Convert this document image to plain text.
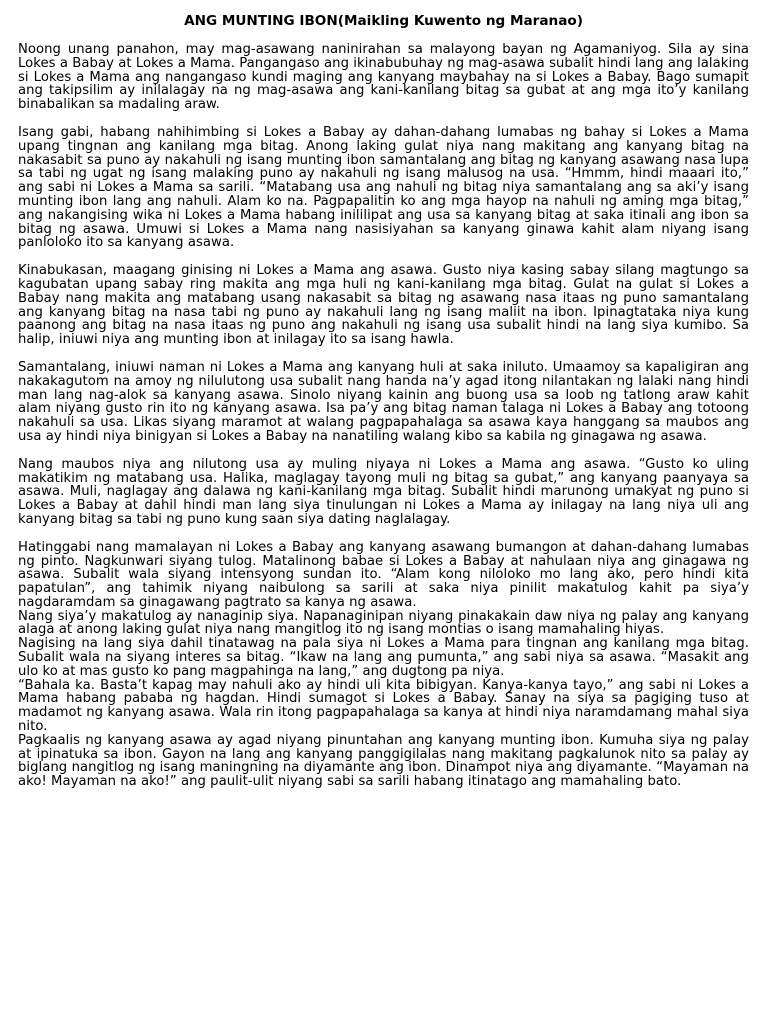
ANG MUNTING IBON(Maikling Kuwento ng Maranao)

Noong unang panahon, may mag-asawang naninirahan sa malayong bayan ng Agamaniyog. Sila ay sina Lokes a Babay at Lokes a Mama. Pangangaso ang ikinabubuhay ng mag-asawa subalit hindi lang ang lalaking si Lokes a Mama ang nangangaso kundi maging ang kanyang maybahay na si Lokes a Babay. Bago sumapit ang takipsilim ay inilalagay na ng mag-asawa ang kani-kanilang bitag sa gubat at ang mga ito’y kanilang binabalikan sa madaling araw.

Isang gabi, habang nahihimbing si Lokes a Babay ay dahan-dahang lumabas ng bahay si Lokes a Mama upang tingnan ang kanilang mga bitag. Anong laking gulat niya nang makitang ang kanyang bitag na nakasabit sa puno ay nakahuli ng isang munting ibon samantalang ang bitag ng kanyang asawang nasa lupa sa tabi ng ugat ng isang malaking puno ay nakahuli ng isang malusog na usa. “Hmmm, hindi maaari ito,” ang sabi ni Lokes a Mama sa sarili. “Matabang usa ang nahuli ng bitag niya samantalang ang sa aki’y isang munting ibon lang ang nahuli. Alam ko na. Pagpapalitin ko ang mga hayop na nahuli ng aming mga bitag,” ang nakangising wika ni Lokes a Mama habang inililipat ang usa sa kanyang bitag at saka itinali ang ibon sa bitag ng asawa. Umuwi si Lokes a Mama nang nasisiyahan sa kanyang ginawa kahit alam niyang isang panloloko ito sa kanyang asawa.

Kinabukasan, maagang ginising ni Lokes a Mama ang asawa. Gusto niya kasing sabay silang magtungo sa kagubatan upang sabay ring makita ang mga huli ng kani-kanilang mga bitag. Gulat na gulat si Lokes a Babay nang makita ang matabang usang nakasabit sa bitag ng asawang nasa itaas ng puno samantalang ang kanyang bitag na nasa tabi ng puno ay nakahuli lang ng isang maliit na ibon. Ipinagtataka niya kung paanong ang bitag na nasa itaas ng puno ang nakahuli ng isang usa subalit hindi na lang siya kumibo. Sa halip, iniuwi niya ang munting ibon at inilagay ito sa isang hawla.

Samantalang, iniuwi naman ni Lokes a Mama ang kanyang huli at saka iniluto. Umaamoy sa kapaligiran ang nakakagutom na amoy ng nilulutong usa subalit nang handa na’y agad itong nilantakan ng lalaki nang hindi man lang nag-alok sa kanyang asawa. Sinolo niyang kainin ang buong usa sa loob ng tatlong araw kahit alam niyang gusto rin ito ng kanyang asawa. Isa pa’y ang bitag naman talaga ni Lokes a Babay ang totoong nakahuli sa usa. Likas siyang maramot at walang pagpapahalaga sa asawa kaya hanggang sa maubos ang usa ay hindi niya binigyan si Lokes a Babay na nanatiling walang kibo sa kabila ng ginagawa ng asawa.

Nang maubos niya ang nilutong usa ay muling niyaya ni Lokes a Mama ang asawa. “Gusto ko uling makatikim ng matabang usa. Halika, maglagay tayong muli ng bitag sa gubat,” ang kanyang paanyaya sa asawa. Muli, naglagay ang dalawa ng kani-kanilang mga bitag. Subalit hindi marunong umakyat ng puno si Lokes a Babay at dahil hindi man lang siya tinulungan ni Lokes a Mama ay inilagay na lang niya uli ang kanyang bitag sa tabi ng puno kung saan siya dating naglalagay.

Hatinggabi nang mamalayan ni Lokes a Babay ang kanyang asawang bumangon at dahan-dahang lumabas ng pinto. Nagkunwari siyang tulog. Matalinong babae si Lokes a Babay at nahulaan niya ang ginagawa ng asawa. Subalit wala siyang intensyong sundan ito. “Alam kong niloloko mo lang ako, pero hindi kita papatulan”, ang tahimik niyang naibulong sa sarili at saka niya pinilit makatulog kahit pa siya’y nagdaramdam sa ginagawang pagtrato sa kanya ng asawa.

Nang siya’y makatulog ay nanaginip siya. Napanaginipan niyang pinakakain daw niya ng palay ang kanyang alaga at anong laking gulat niya nang mangitlog ito ng isang montias o isang mamahaling hiyas.

Nagising na lang siya dahil tinatawag na pala siya ni Lokes a Mama para tingnan ang kanilang mga bitag. Subalit wala na siyang interes sa bitag. “Ikaw na lang ang pumunta,” ang sabi niya sa asawa. “Masakit ang ulo ko at mas gusto ko pang magpahinga na lang,” ang dugtong pa niya.

“Bahala ka. Basta’t kapag may nahuli ako ay hindi uli kita bibigyan. Kanya-kanya tayo,” ang sabi ni Lokes a Mama habang pababa ng hagdan. Hindi sumagot si Lokes a Babay. Sanay na siya sa pagiging tuso at madamot ng kanyang asawa. Wala rin itong pagpapahalaga sa kanya at hindi niya naramdamang mahal siya nito.

Pagkaalis ng kanyang asawa ay agad niyang pinuntahan ang kanyang munting ibon. Kumuha siya ng palay at ipinatuka sa ibon. Gayon na lang ang kanyang panggigilalas nang makitang pagkalunok nito sa palay ay biglang nangitlog ng isang maningning na diyamante ang ibon. Dinampot niya ang diyamante. “Mayaman na ako! Mayaman na ako!” ang paulit-ulit niyang sabi sa sarili habang itinatago ang mamahaling bato.
